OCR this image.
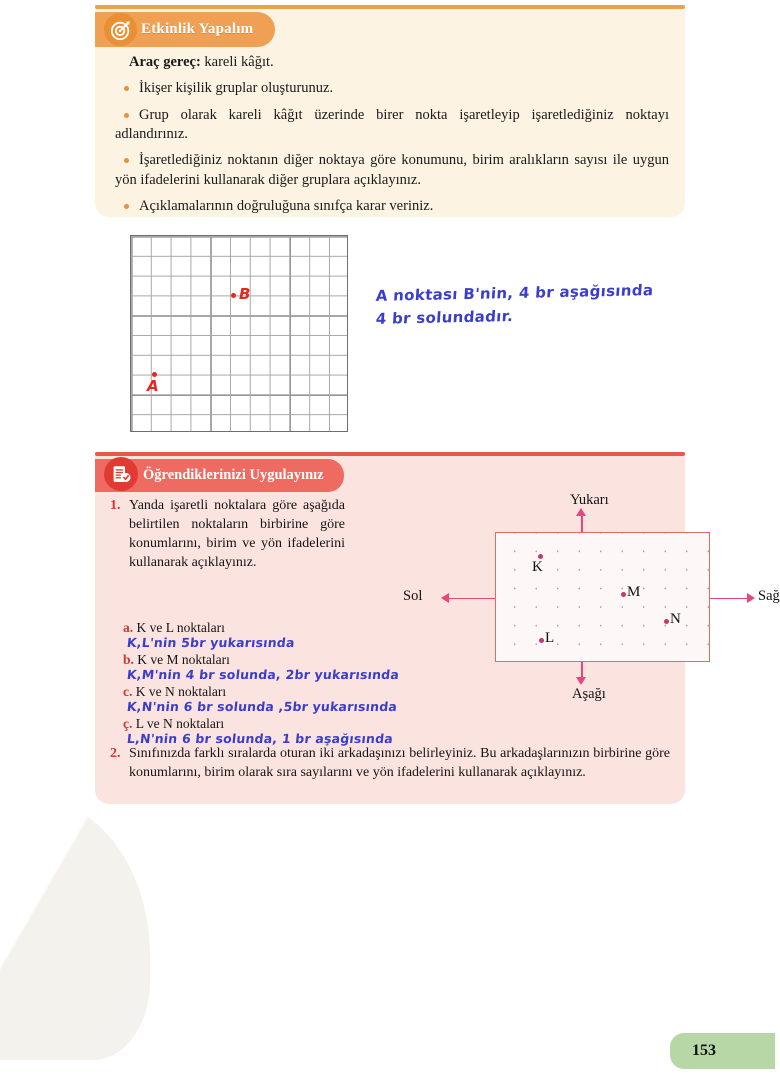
Etkinlik Yapalım

Araç gereç: kareli kâğıt.

İkişer kişilik gruplar oluşturunuz.

Grup olarak kareli kâğıt üzerinde birer nokta işaretleyip işaretlediğiniz noktayı adlandırınız.

İşaretlediğiniz noktanın diğer noktaya göre konumunu, birim aralıkların sayısı ile uygun yön ifadelerini kullanarak diğer gruplara açıklayınız.

Açıklamalarının doğruluğuna sınıfça karar veriniz.

A
B	A noktası B'nin, 4 br aşağısında
4 br solundadır.
Öğrendiklerinizi Uygulayınız
1. Yanda işaretli noktalara göre aşağıda belirtilen noktaların birbirine göre konumlarını, birim ve yön ifadelerini kullanarak açıklayınız.
a. K ve L noktaları
K,L'nin 5br yukarısında
b. K ve M noktaları
K,M'nin 4 br solunda, 2br yukarısında
c. K ve N noktaları
K,N'nin 6 br solunda ,5br yukarısında
ç. L ve N noktaları
L,N'nin 6 br solunda, 1 br aşağısında
K
M
N
L
Yukarı
Aşağı
Sol	Sağ
2. Sınıfınızda farklı sıralarda oturan iki arkadaşınızı belirleyiniz. Bu arkadaşlarınızın birbirine göre konumlarını, birim olarak sıra sayılarını ve yön ifadelerini kullanarak açıklayınız.
153
